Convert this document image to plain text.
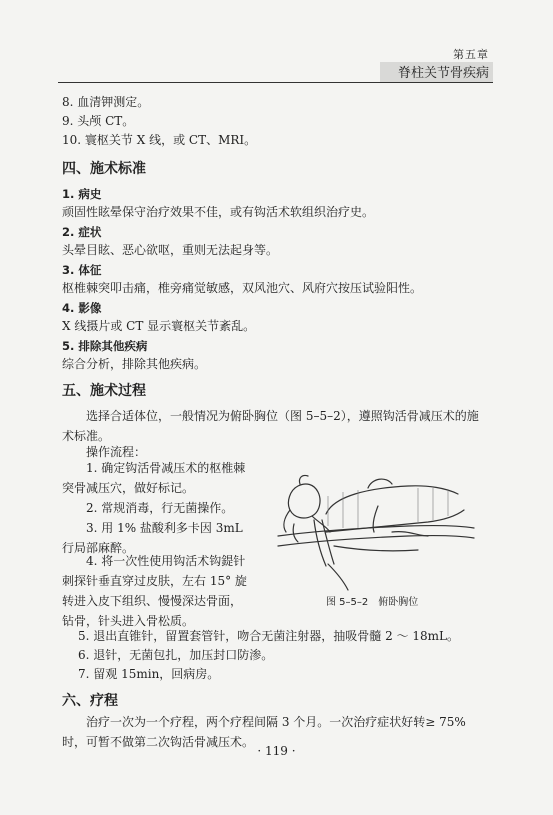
第五章
脊柱关节骨疾病
8. 血清钾测定。
9. 头颅 CT。
10. 寰枢关节 X 线，或 CT、MRI。
四、施术标准
1. 病史
顽固性眩晕保守治疗效果不佳，或有钩活术软组织治疗史。
2. 症状
头晕目眩、恶心欲呕，重则无法起身等。
3. 体征
枢椎棘突叩击痛，椎旁痛觉敏感，双风池穴、风府穴按压试验阳性。
4. 影像
X 线摄片或 CT 显示寰枢关节紊乱。
5. 排除其他疾病
综合分析，排除其他疾病。
五、施术过程
选择合适体位，一般情况为俯卧胸位（图 5–5–2），遵照钩活骨减压术的施术标准。
操作流程：
1. 确定钩活骨减压术的枢椎棘突骨减压穴，做好标记。
2. 常规消毒，行无菌操作。
3. 用 1% 盐酸利多卡因 3mL 行局部麻醉。
4. 将一次性使用钩活术钩鍉针刺探针垂直穿过皮肤，左右 15° 旋转进入皮下组织、慢慢深达骨面，钻骨，针头进入骨松质。
图 5–5–2　俯卧胸位
5. 退出直锥针，留置套管针，吻合无菌注射器，抽吸骨髓 2 ～ 18mL。
6. 退针，无菌包扎，加压封口防渗。
7. 留观 15min，回病房。
六、疗程
治疗一次为一个疗程，两个疗程间隔 3 个月。一次治疗症状好转≥ 75% 时，可暂不做第二次钩活骨减压术。
· 119 ·
